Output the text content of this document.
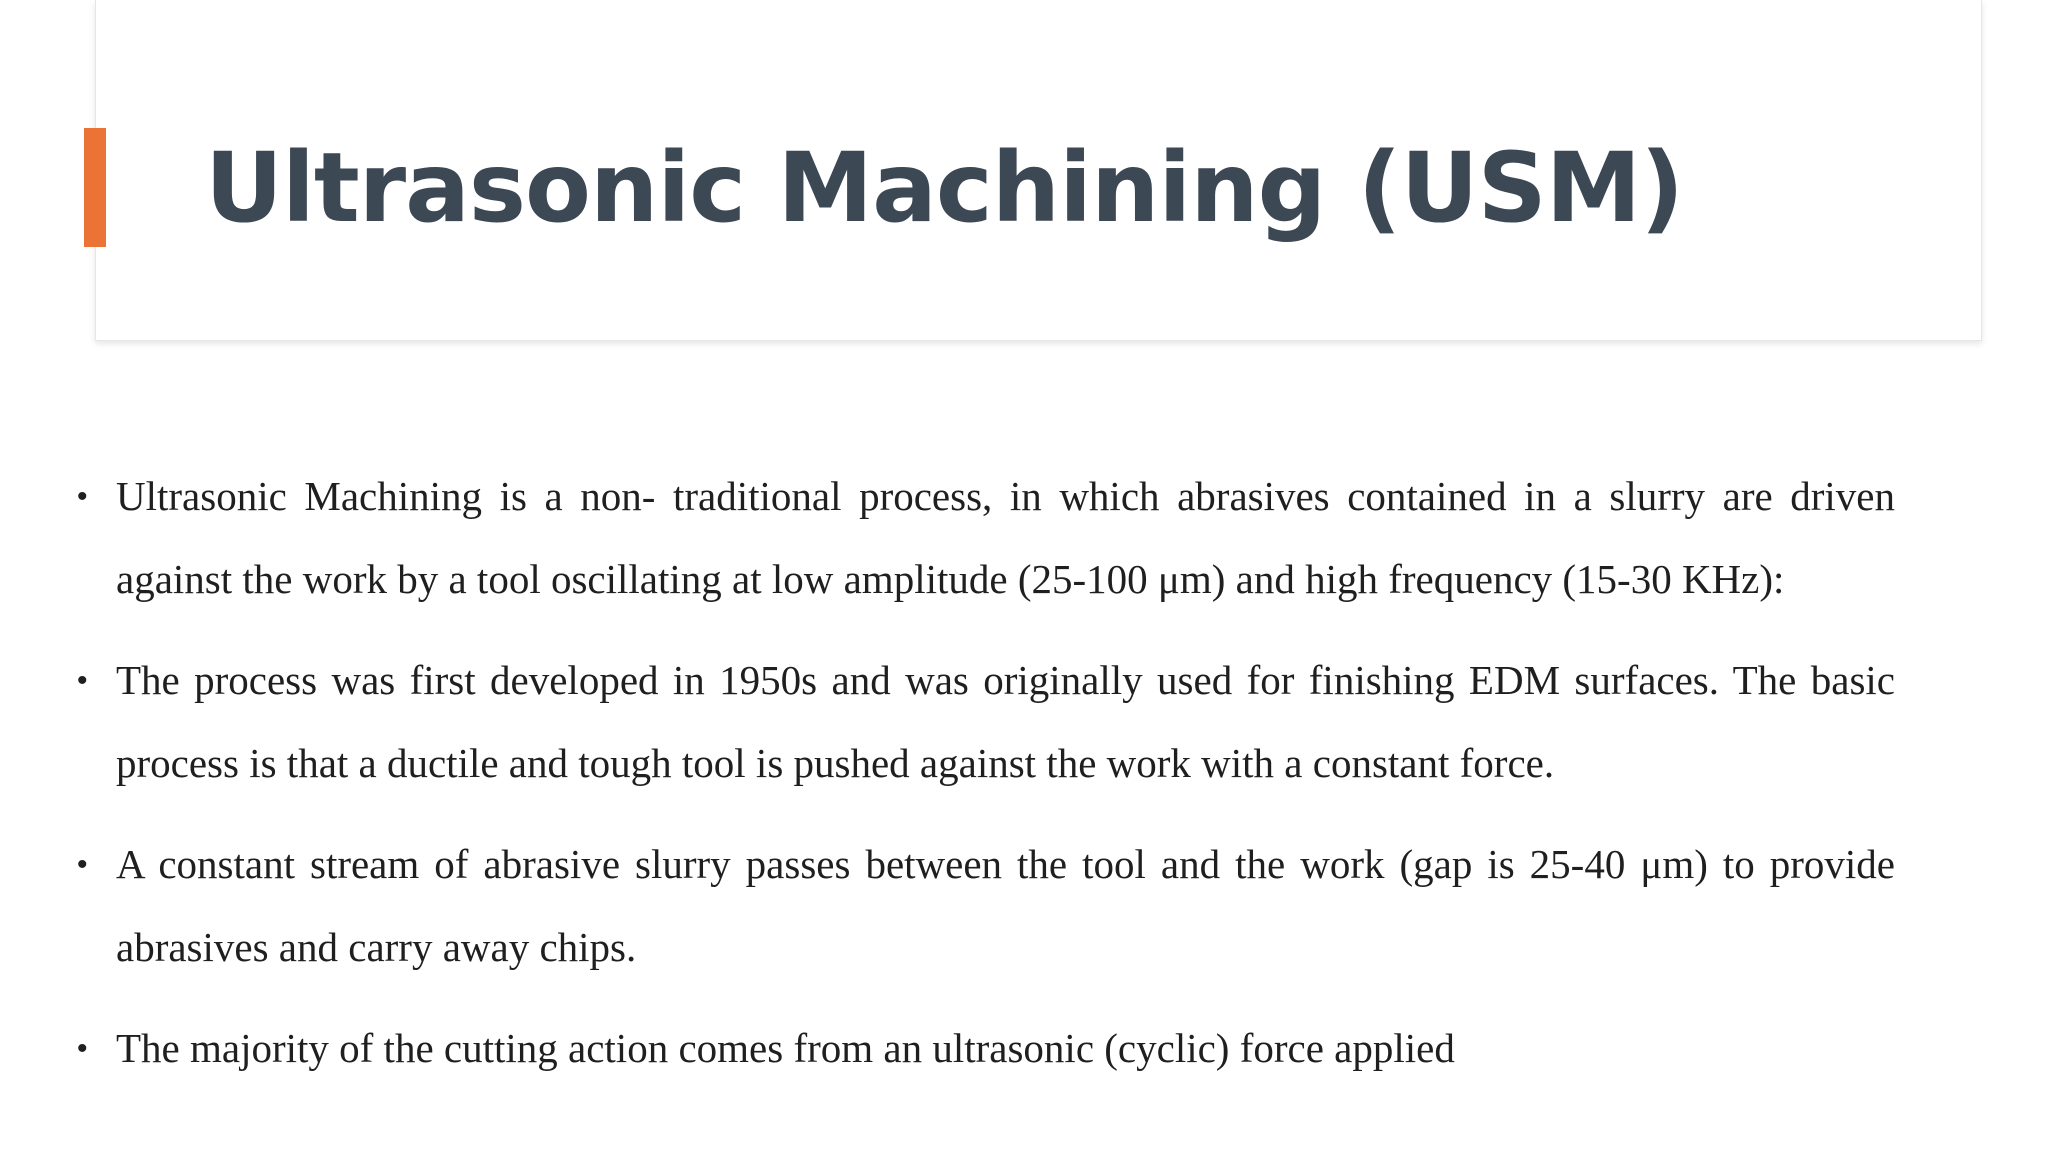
Ultrasonic Machining (USM)
• Ultrasonic Machining is a non- traditional process, in which abrasives contained in a slurry are driven against the work by a tool oscillating at low amplitude (25-100 μm) and high frequency (15-30 KHz):
• The process was first developed in 1950s and was originally used for finishing EDM surfaces. The basic process is that a ductile and tough tool is pushed against the work with a constant force.
• A constant stream of abrasive slurry passes between the tool and the work (gap is 25-40 μm) to provide abrasives and carry away chips.
• The majority of the cutting action comes from an ultrasonic (cyclic) force applied
